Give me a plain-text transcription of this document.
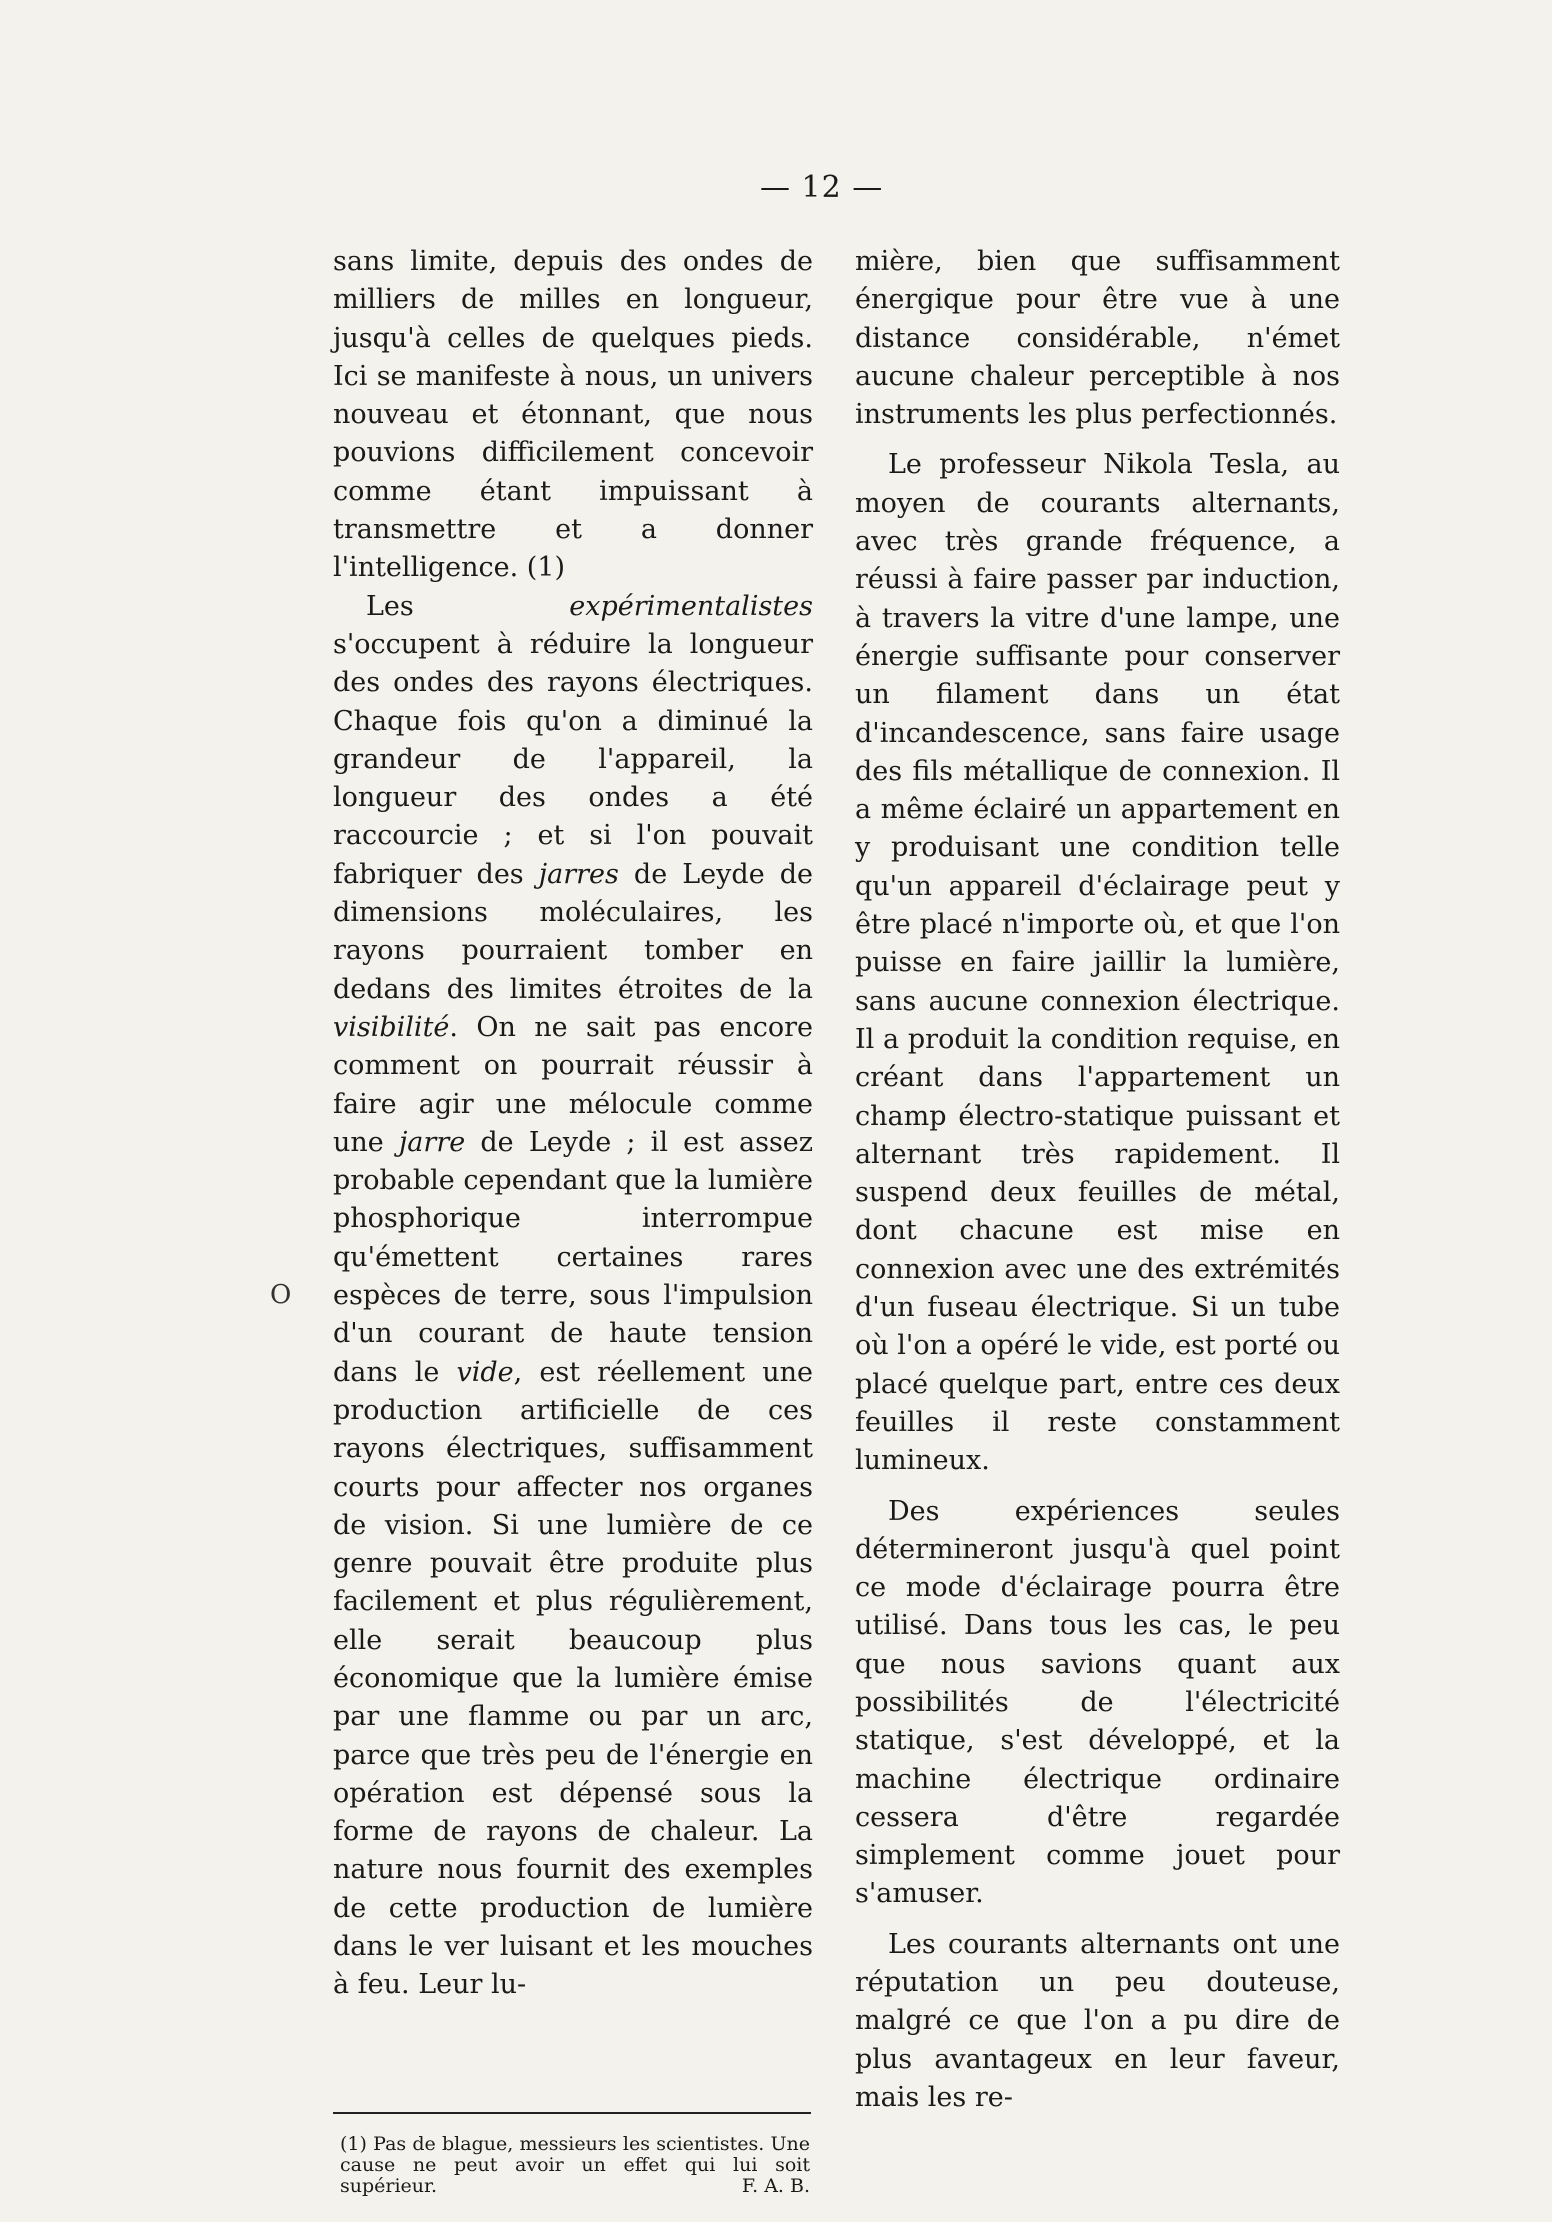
— 12 —
O

sans limite, depuis des ondes de milliers de milles en longueur, jusqu'à celles de quelques pieds. Ici se manifeste à nous, un univers nouveau et étonnant, que nous pouvions difficilement concevoir comme étant impuissant à transmettre et a donner l'intelligence. (1)

Les expérimentalistes s'occupent à réduire la longueur des ondes des rayons électriques. Chaque fois qu'on a diminué la grandeur de l'appareil, la longueur des ondes a été raccourcie ; et si l'on pouvait fabriquer des jarres de Leyde de dimensions moléculaires, les rayons pourraient tomber en dedans des limites étroites de la visibilité. On ne sait pas encore comment on pourrait réussir à faire agir une mélocule comme une jarre de Leyde ; il est assez probable cependant que la lumière phosphorique interrompue qu'émettent certaines rares espèces de terre, sous l'impulsion d'un courant de haute tension dans le vide, est réellement une production artificielle de ces rayons électriques, suffisamment courts pour affecter nos organes de vision. Si une lumière de ce genre pouvait être produite plus facilement et plus régulièrement, elle serait beaucoup plus économique que la lumière émise par une flamme ou par un arc, parce que très peu de l'énergie en opération est dépensé sous la forme de rayons de chaleur. La nature nous fournit des exemples de cette production de lumière dans le ver luisant et les mouches à feu. Leur lu-

mière, bien que suffisamment énergique pour être vue à une distance considérable, n'émet aucune chaleur perceptible à nos instruments les plus perfectionnés.

Le professeur Nikola Tesla, au moyen de courants alternants, avec très grande fréquence, a réussi à faire passer par induction, à travers la vitre d'une lampe, une énergie suffisante pour conserver un filament dans un état d'incandescence, sans faire usage des fils métallique de connexion. Il a même éclairé un appartement en y produisant une condition telle qu'un appareil d'éclairage peut y être placé n'importe où, et que l'on puisse en faire jaillir la lumière, sans aucune connexion électrique. Il a produit la condition requise, en créant dans l'appartement un champ électro-statique puissant et alternant très rapidement. Il suspend deux feuilles de métal, dont chacune est mise en connexion avec une des extrémités d'un fuseau électrique. Si un tube où l'on a opéré le vide, est porté ou placé quelque part, entre ces deux feuilles il reste constamment lumineux.

Des expériences seules détermineront jusqu'à quel point ce mode d'éclairage pourra être utilisé. Dans tous les cas, le peu que nous savions quant aux possibilités de l'électricité statique, s'est développé, et la machine électrique ordinaire cessera d'être regardée simplement comme jouet pour s'amuser.

Les courants alternants ont une réputation un peu douteuse, malgré ce que l'on a pu dire de plus avantageux en leur faveur, mais les re-

(1) Pas de blague, messieurs les scientistes. Une cause ne peut avoir un effet qui lui soit supérieur.	F. A. B.
